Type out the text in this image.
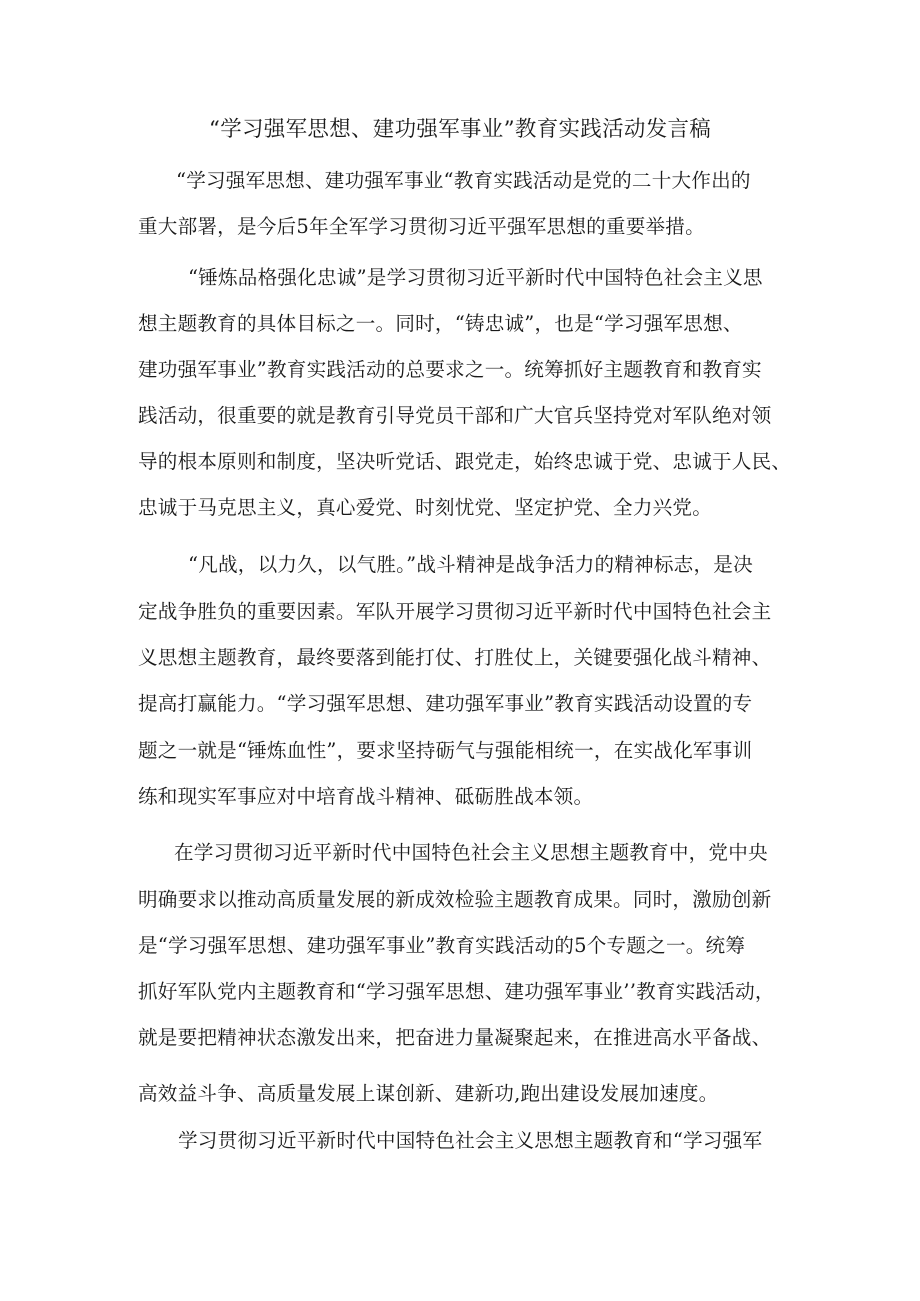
“学习强军思想、建功强军事业”教育实践活动发言稿
“学习强军思想、建功强军事业“教育实践活动是党的二十大作出的
重大部署，是今后5年全军学习贯彻习近平强军思想的重要举措。
“锤炼品格强化忠诚”是学习贯彻习近平新时代中国特色社会主义思
想主题教育的具体目标之一。同时，“铸忠诚”，也是“学习强军思想、
建功强军事业”教育实践活动的总要求之一。统筹抓好主题教育和教育实
践活动，很重要的就是教育引导党员干部和广大官兵坚持党对军队绝对领
导的根本原则和制度，坚决听党话、跟党走，始终忠诚于党、忠诚于人民、
忠诚于马克思主义，真心爱党、时刻忧党、坚定护党、全力兴党。
“凡战，以力久，以气胜。”战斗精神是战争活力的精神标志，是决
定战争胜负的重要因素。军队开展学习贯彻习近平新时代中国特色社会主
义思想主题教育，最终要落到能打仗、打胜仗上，关键要强化战斗精神、
提高打赢能力。“学习强军思想、建功强军事业”教育实践活动设置的专
题之一就是“锤炼血性”，要求坚持砺气与强能相统一，在实战化军事训
练和现实军事应对中培育战斗精神、砥砺胜战本领。
在学习贯彻习近平新时代中国特色社会主义思想主题教育中，党中央
明确要求以推动高质量发展的新成效检验主题教育成果。同时，激励创新
是“学习强军思想、建功强军事业”教育实践活动的5个专题之一。统筹
抓好军队党内主题教育和“学习强军思想、建功强军事业’’教育实践活动，
就是要把精神状态激发出来，把奋进力量凝聚起来，在推进高水平备战、
高效益斗争、高质量发展上谋创新、建新功,跑出建设发展加速度。
学习贯彻习近平新时代中国特色社会主义思想主题教育和“学习强军
